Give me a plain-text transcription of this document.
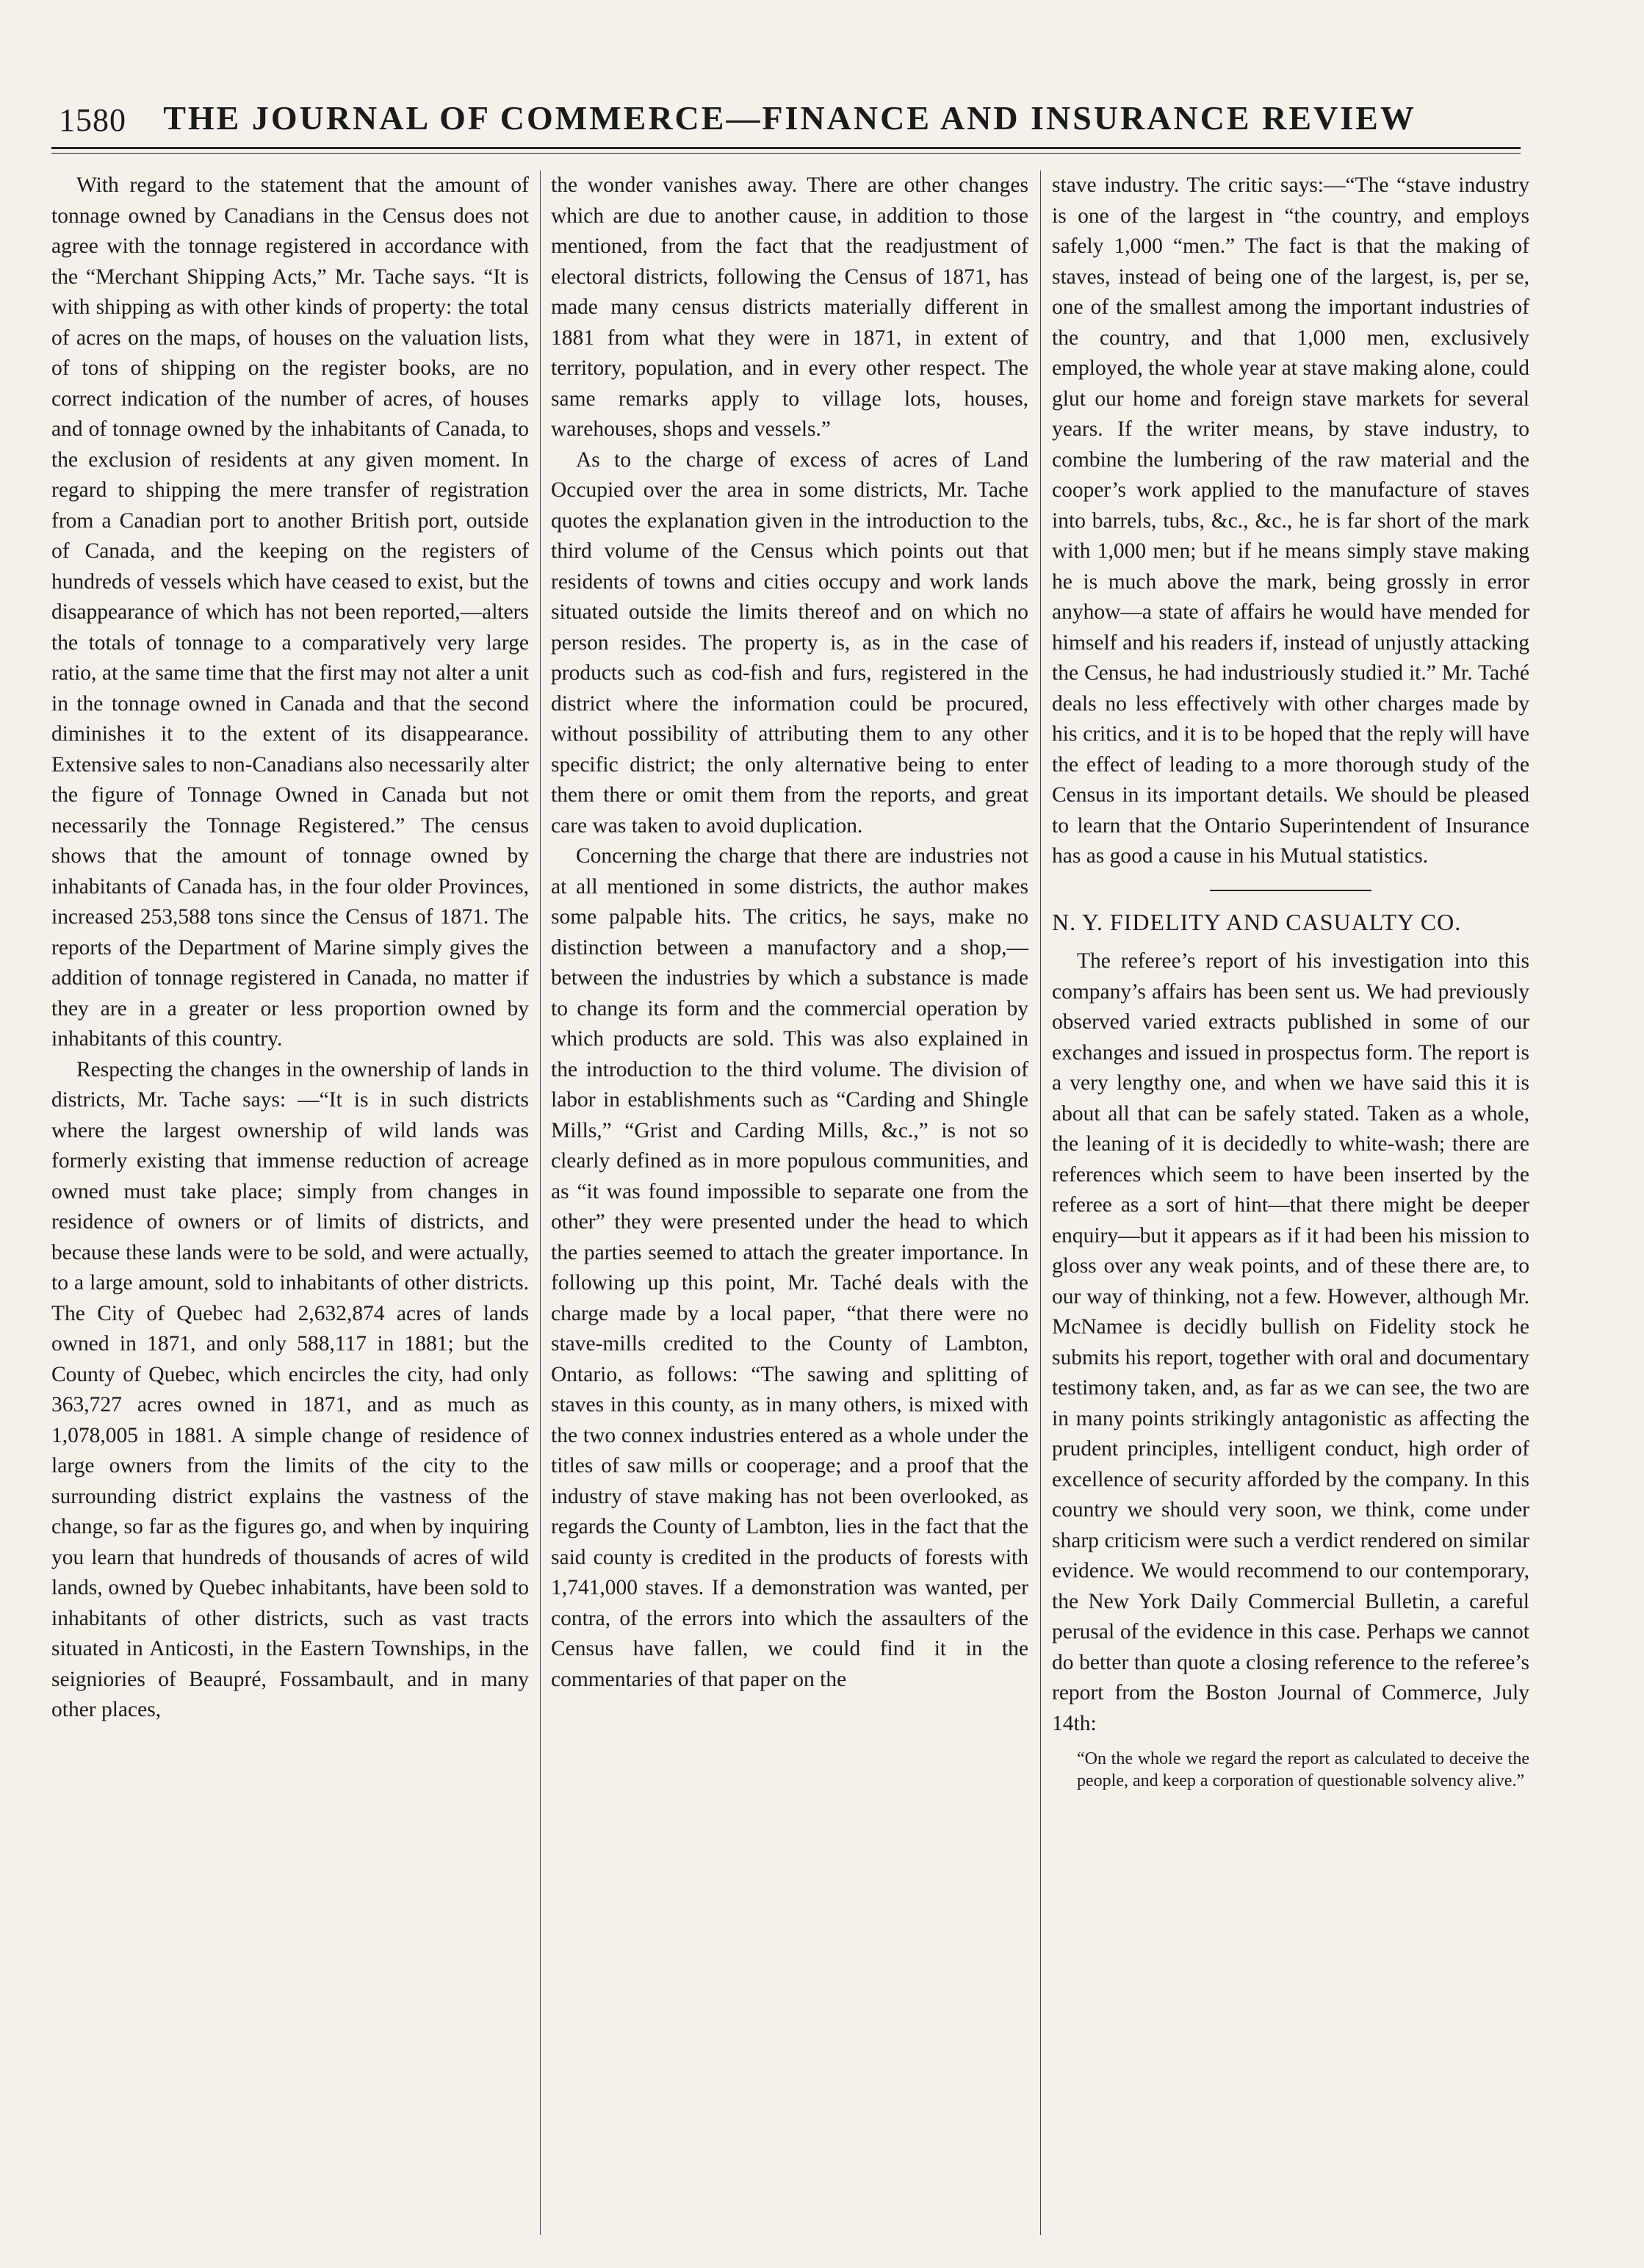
1580	THE JOURNAL OF COMMERCE—FINANCE AND INSURANCE REVIEW

With regard to the statement that the amount of tonnage owned by Canadians in the Census does not agree with the tonnage registered in accordance with the “Merchant Shipping Acts,” Mr. Tache says. “It is with shipping as with other kinds of property: the total of acres on the maps, of houses on the valuation lists, of tons of shipping on the register books, are no correct indication of the number of acres, of houses and of tonnage owned by the inhabitants of Canada, to the exclusion of residents at any given moment. In regard to shipping the mere transfer of registration from a Canadian port to another British port, outside of Canada, and the keeping on the registers of hundreds of vessels which have ceased to exist, but the disappearance of which has not been reported,—alters the totals of tonnage to a comparatively very large ratio, at the same time that the first may not alter a unit in the tonnage owned in Canada and that the second diminishes it to the extent of its disappearance. Extensive sales to non-Canadians also necessarily alter the figure of Tonnage Owned in Canada but not necessarily the Tonnage Registered.” The census shows that the amount of tonnage owned by inhabitants of Canada has, in the four older Provinces, increased 253,588 tons since the Census of 1871. The reports of the Department of Marine simply gives the addition of tonnage registered in Canada, no matter if they are in a greater or less proportion owned by inhabitants of this country.

Respecting the changes in the ownership of lands in districts, Mr. Tache says: —“It is in such districts where the largest ownership of wild lands was formerly existing that immense reduction of acreage owned must take place; simply from changes in residence of owners or of limits of districts, and because these lands were to be sold, and were actually, to a large amount, sold to inhabitants of other districts. The City of Quebec had 2,632,874 acres of lands owned in 1871, and only 588,117 in 1881; but the County of Quebec, which encircles the city, had only 363,727 acres owned in 1871, and as much as 1,078,005 in 1881. A simple change of residence of large owners from the limits of the city to the surrounding district explains the vastness of the change, so far as the figures go, and when by inquiring you learn that hundreds of thousands of acres of wild lands, owned by Quebec inhabitants, have been sold to inhabitants of other districts, such as vast tracts situated in Anticosti, in the Eastern Townships, in the seigniories of Beaupré, Fossambault, and in many other places,

the wonder vanishes away. There are other changes which are due to another cause, in addition to those mentioned, from the fact that the readjustment of electoral districts, following the Census of 1871, has made many census districts materially different in 1881 from what they were in 1871, in extent of territory, population, and in every other respect. The same remarks apply to village lots, houses, warehouses, shops and vessels.”

As to the charge of excess of acres of Land Occupied over the area in some districts, Mr. Tache quotes the explanation given in the introduction to the third volume of the Census which points out that residents of towns and cities occupy and work lands situated outside the limits thereof and on which no person resides. The property is, as in the case of products such as cod-fish and furs, registered in the district where the information could be procured, without possibility of attributing them to any other specific district; the only alternative being to enter them there or omit them from the reports, and great care was taken to avoid duplication.

Concerning the charge that there are industries not at all mentioned in some districts, the author makes some palpable hits. The critics, he says, make no distinction between a manufactory and a shop,—between the industries by which a substance is made to change its form and the commercial operation by which products are sold. This was also explained in the introduction to the third volume. The division of labor in establishments such as “Carding and Shingle Mills,” “Grist and Carding Mills, &c.,” is not so clearly defined as in more populous communities, and as “it was found impossible to separate one from the other” they were presented under the head to which the parties seemed to attach the greater importance. In following up this point, Mr. Taché deals with the charge made by a local paper, “that there were no stave-mills credited to the County of Lambton, Ontario, as follows: “The sawing and splitting of staves in this county, as in many others, is mixed with the two connex industries entered as a whole under the titles of saw mills or cooperage; and a proof that the industry of stave making has not been overlooked, as regards the County of Lambton, lies in the fact that the said county is credited in the products of forests with 1,741,000 staves. If a demonstration was wanted, per contra, of the errors into which the assaulters of the Census have fallen, we could find it in the commentaries of that paper on the

stave industry. The critic says:—“The “stave industry is one of the largest in “the country, and employs safely 1,000 “men.” The fact is that the making of staves, instead of being one of the largest, is, per se, one of the smallest among the important industries of the country, and that 1,000 men, exclusively employed, the whole year at stave making alone, could glut our home and foreign stave markets for several years. If the writer means, by stave industry, to combine the lumbering of the raw material and the cooper’s work applied to the manufacture of staves into barrels, tubs, &c., &c., he is far short of the mark with 1,000 men; but if he means simply stave making he is much above the mark, being grossly in error anyhow—a state of affairs he would have mended for himself and his readers if, instead of unjustly attacking the Census, he had industriously studied it.” Mr. Taché deals no less effectively with other charges made by his critics, and it is to be hoped that the reply will have the effect of leading to a more thorough study of the Census in its important details. We should be pleased to learn that the Ontario Superintendent of Insurance has as good a cause in his Mutual statistics.

N. Y. FIDELITY AND CASUALTY CO.

The referee’s report of his investigation into this company’s affairs has been sent us. We had previously observed varied extracts published in some of our exchanges and issued in prospectus form. The report is a very lengthy one, and when we have said this it is about all that can be safely stated. Taken as a whole, the leaning of it is decidedly to white-wash; there are references which seem to have been inserted by the referee as a sort of hint—that there might be deeper enquiry—but it appears as if it had been his mission to gloss over any weak points, and of these there are, to our way of thinking, not a few. However, although Mr. McNamee is decidly bullish on Fidelity stock he submits his report, together with oral and documentary testimony taken, and, as far as we can see, the two are in many points strikingly antagonistic as affecting the prudent principles, intelligent conduct, high order of excellence of security afforded by the company. In this country we should very soon, we think, come under sharp criticism were such a verdict rendered on similar evidence. We would recommend to our contemporary, the New York Daily Commercial Bulletin, a careful perusal of the evidence in this case. Perhaps we cannot do better than quote a closing reference to the referee’s report from the Boston Journal of Commerce, July 14th:

“On the whole we regard the report as calculated to deceive the people, and keep a corporation of questionable solvency alive.”
